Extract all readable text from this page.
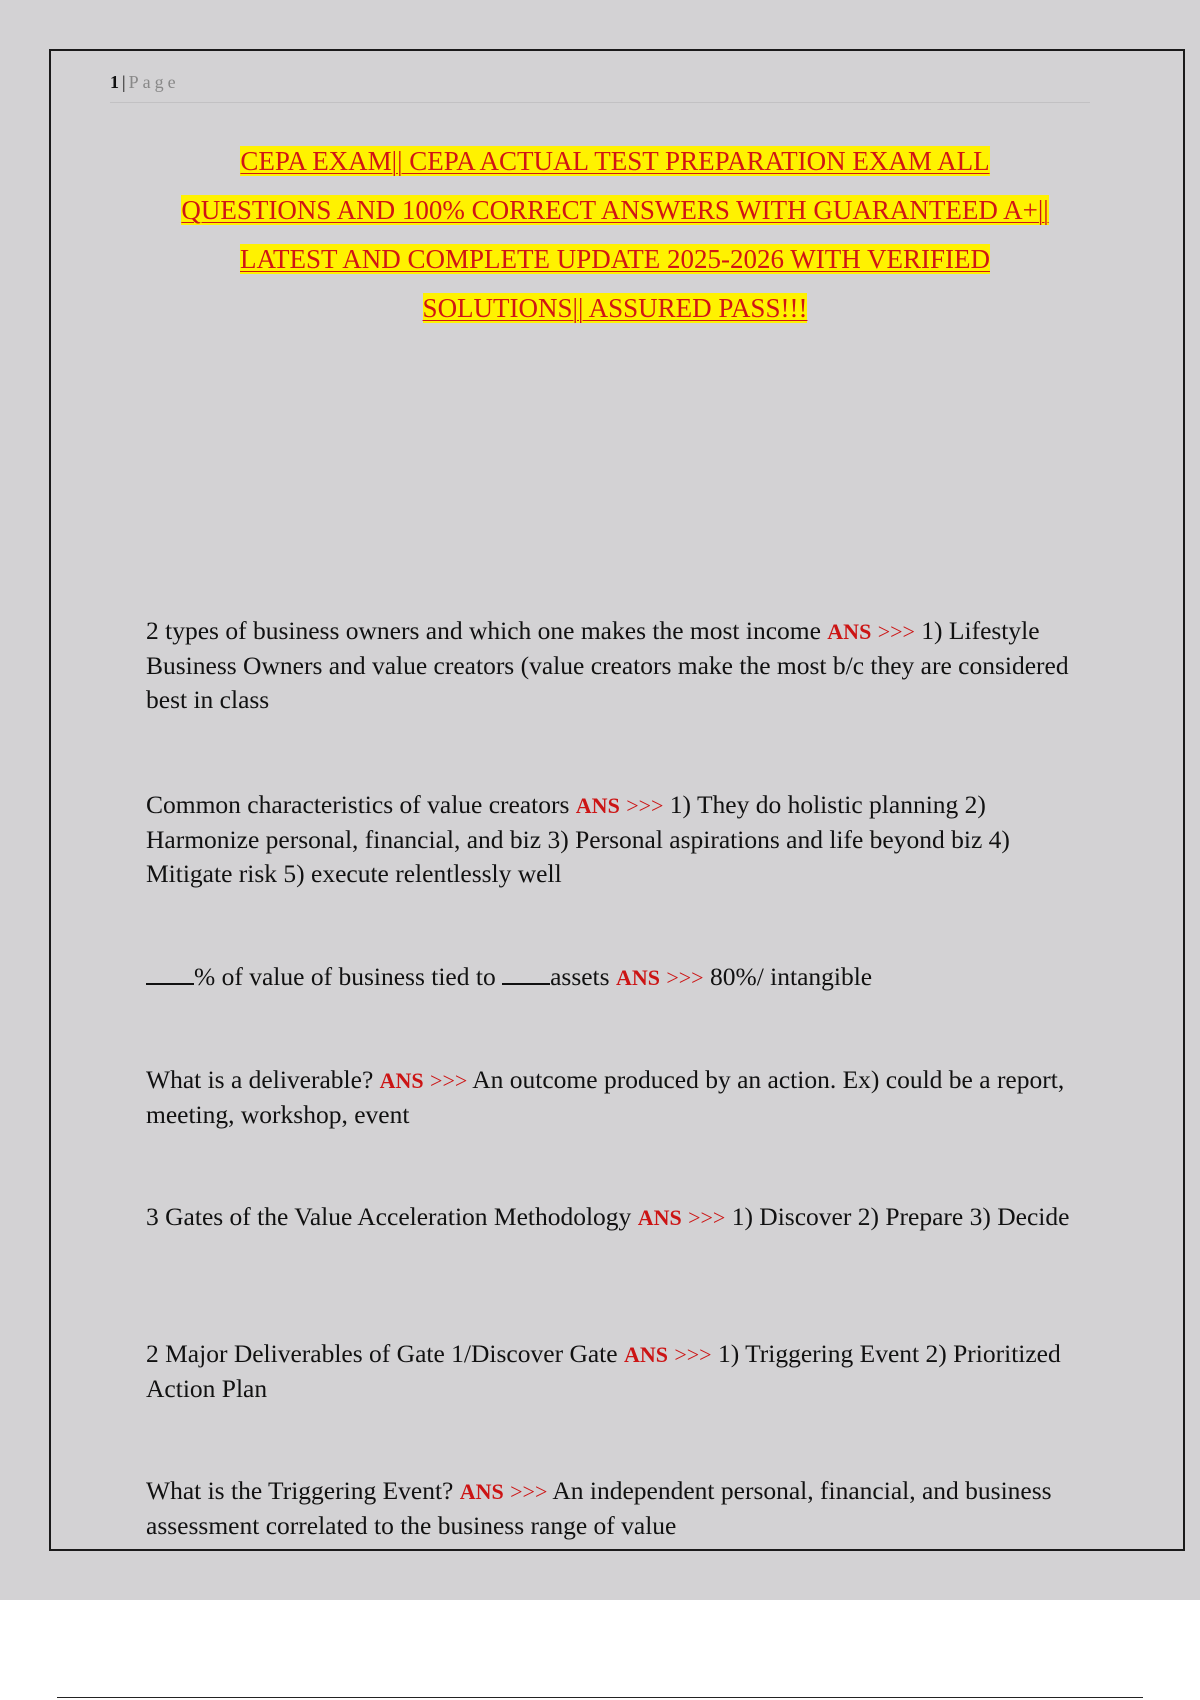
1 | Page
CEPA EXAM|| CEPA ACTUAL TEST PREPARATION EXAM ALL
QUESTIONS AND 100% CORRECT ANSWERS WITH GUARANTEED A+||
LATEST AND COMPLETE UPDATE 2025-2026 WITH VERIFIED
SOLUTIONS|| ASSURED PASS!!!
2 types of business owners and which one makes the most income ANS >>> 1) Lifestyle Business Owners and value creators (value creators make the most b/c they are considered best in class
Common characteristics of value creators ANS >>> 1) They do holistic planning 2) Harmonize personal, financial, and biz 3) Personal aspirations and life beyond biz 4) Mitigate risk 5) execute relentlessly well
% of value of business tied to assets ANS >>> 80%/ intangible
What is a deliverable? ANS >>> An outcome produced by an action. Ex) could be a report, meeting, workshop, event
3 Gates of the Value Acceleration Methodology ANS >>> 1) Discover 2) Prepare 3) Decide
2 Major Deliverables of Gate 1/Discover Gate ANS >>> 1) Triggering Event 2) Prioritized Action Plan
What is the Triggering Event? ANS >>> An independent personal, financial, and business assessment correlated to the business range of value
